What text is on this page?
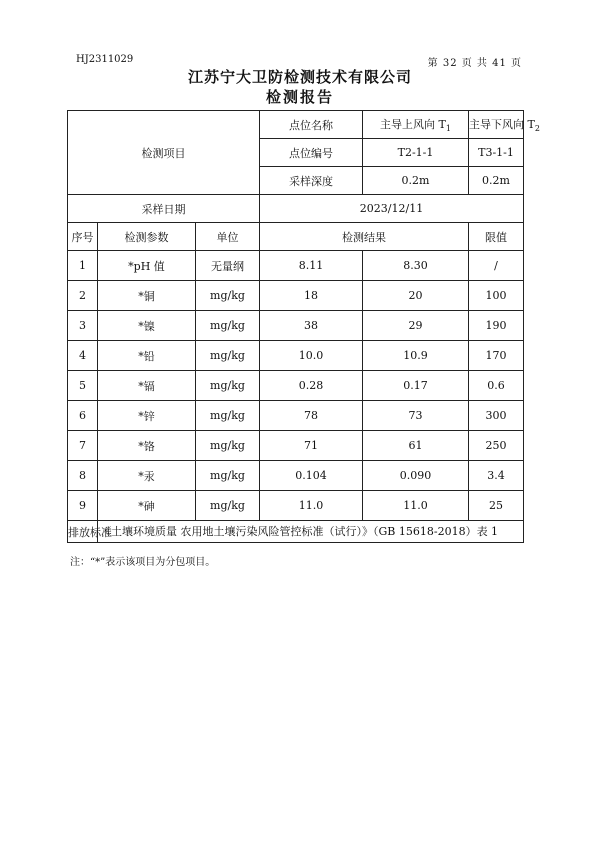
HJ2311029	第 32 页 共 41 页
江苏宁大卫防检测技术有限公司
检测报告
检测项目			点位名称	主导上风向 $T_1$	主导下风向 $T_2$	
			点位编号	T2-1-1	T3-1-1	
			采样深度	0.2m	0.2m	
采样日期			2023/12/11			
序号	检测参数	单位	检测结果		限值	
1	*pH 值	无量纲	8.11	8.30	/	
2	*铜	mg/kg	18	20	100	
3	*镍	mg/kg	38	29	190	
4	*铅	mg/kg	10.0	10.9	170	
5	*镉	mg/kg	0.28	0.17	0.6	
6	*锌	mg/kg	78	73	300	
7	*铬	mg/kg	71	61	250	
8	*汞	mg/kg	0.104	0.090	3.4	
9	*砷	mg/kg	11.0	11.0	25	
排放标准	《土壤环境质量 农用地土壤污染风险管控标准（试行）》（GB 15618-2018）表 1					
注：“*”表示该项目为分包项目。
